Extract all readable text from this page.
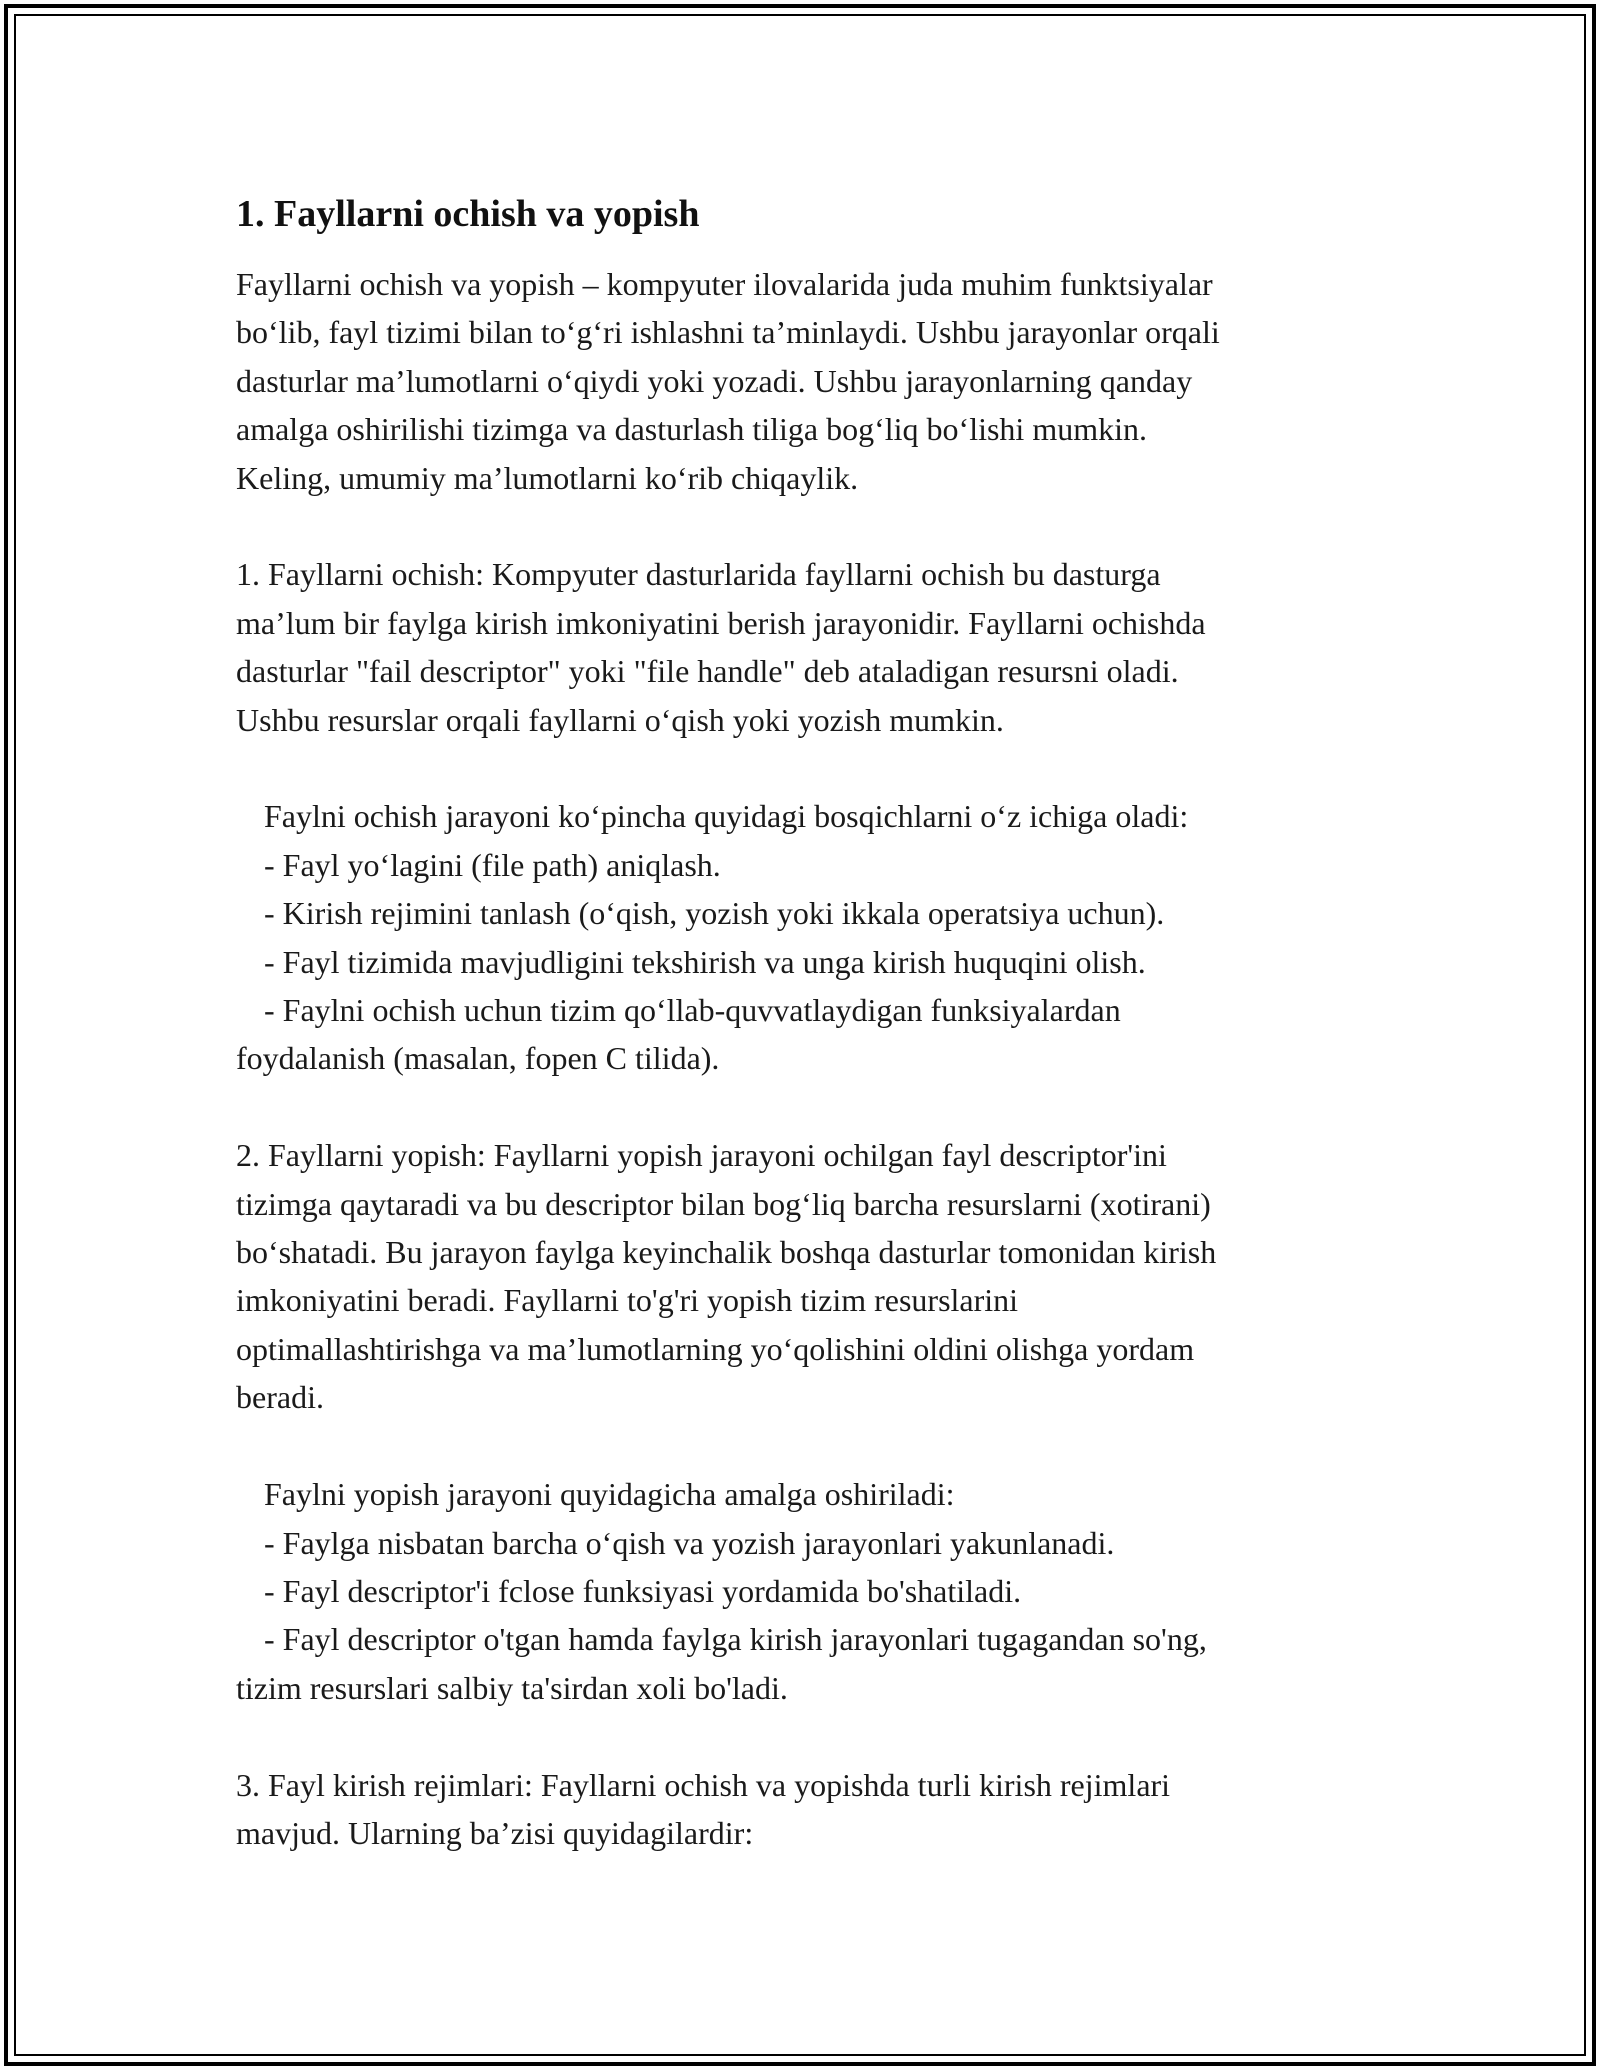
1. Fayllarni ochish va yopish
Fayllarni ochish va yopish – kompyuter ilovalarida juda muhim funktsiyalar
bo‘lib, fayl tizimi bilan to‘g‘ri ishlashni ta’minlaydi. Ushbu jarayonlar orqali
dasturlar ma’lumotlarni o‘qiydi yoki yozadi. Ushbu jarayonlarning qanday
amalga oshirilishi tizimga va dasturlash tiliga bog‘liq bo‘lishi mumkin.
Keling, umumiy ma’lumotlarni ko‘rib chiqaylik.
1. Fayllarni ochish: Kompyuter dasturlarida fayllarni ochish bu dasturga
ma’lum bir faylga kirish imkoniyatini berish jarayonidir. Fayllarni ochishda
dasturlar "fail descriptor" yoki "file handle" deb ataladigan resursni oladi.
Ushbu resurslar orqali fayllarni o‘qish yoki yozish mumkin.
Faylni ochish jarayoni ko‘pincha quyidagi bosqichlarni o‘z ichiga oladi:
- Fayl yo‘lagini (file path) aniqlash.
- Kirish rejimini tanlash (o‘qish, yozish yoki ikkala operatsiya uchun).
- Fayl tizimida mavjudligini tekshirish va unga kirish huquqini olish.
- Faylni ochish uchun tizim qo‘llab-quvvatlaydigan funksiyalardan
foydalanish (masalan, fopen C tilida).
2. Fayllarni yopish: Fayllarni yopish jarayoni ochilgan fayl descriptor'ini
tizimga qaytaradi va bu descriptor bilan bog‘liq barcha resurslarni (xotirani)
bo‘shatadi. Bu jarayon faylga keyinchalik boshqa dasturlar tomonidan kirish
imkoniyatini beradi. Fayllarni to'g'ri yopish tizim resurslarini
optimallashtirishga va ma’lumotlarning yo‘qolishini oldini olishga yordam
beradi.
Faylni yopish jarayoni quyidagicha amalga oshiriladi:
- Faylga nisbatan barcha o‘qish va yozish jarayonlari yakunlanadi.
- Fayl descriptor'i fclose funksiyasi yordamida bo'shatiladi.
- Fayl descriptor o'tgan hamda faylga kirish jarayonlari tugagandan so'ng,
tizim resurslari salbiy ta'sirdan xoli bo'ladi.
3. Fayl kirish rejimlari: Fayllarni ochish va yopishda turli kirish rejimlari
mavjud. Ularning ba’zisi quyidagilardir:
